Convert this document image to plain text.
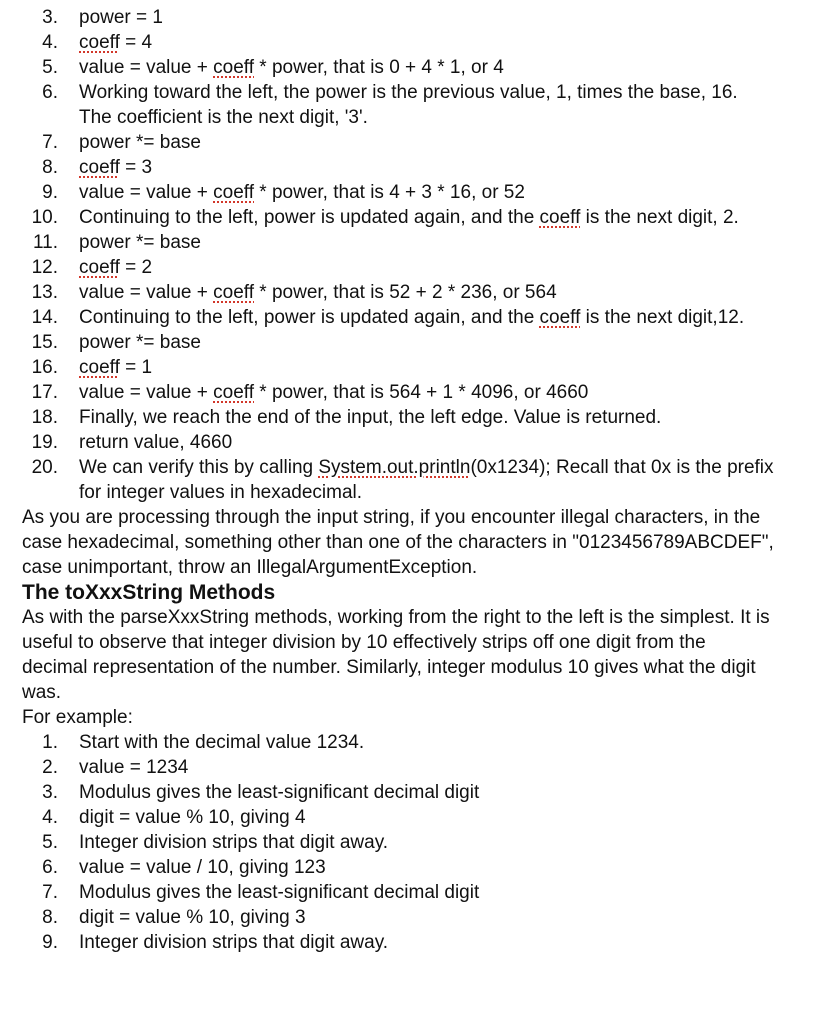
3. power = 1
4. coeff = 4
5. value = value + coeff * power, that is 0 + 4 * 1, or 4
6. Working toward the left, the power is the previous value, 1, times the base, 16. The coefficient is the next digit, '3'.
7. power *= base
8. coeff = 3
9. value = value + coeff * power, that is 4 + 3 * 16, or 52
10. Continuing to the left, power is updated again, and the coeff is the next digit, 2.
11. power *= base
12. coeff = 2
13. value = value + coeff * power, that is 52 + 2 * 236, or 564
14. Continuing to the left, power is updated again, and the coeff is the next digit,12.
15. power *= base
16. coeff = 1
17. value = value + coeff * power, that is 564 + 1 * 4096, or 4660
18. Finally, we reach the end of the input, the left edge. Value is returned.
19. return value, 4660
20. We can verify this by calling System.out.println(0x1234); Recall that 0x is the prefix for integer values in hexadecimal.
As you are processing through the input string, if you encounter illegal characters, in the case hexadecimal, something other than one of the characters in "0123456789ABCDEF", case unimportant, throw an IllegalArgumentException.
The toXxxString Methods
As with the parseXxxString methods, working from the right to the left is the simplest. It is useful to observe that integer division by 10 effectively strips off one digit from the decimal representation of the number. Similarly, integer modulus 10 gives what the digit was.
For example:
1. Start with the decimal value 1234.
2. value = 1234
3. Modulus gives the least-significant decimal digit
4. digit = value % 10, giving 4
5. Integer division strips that digit away.
6. value = value / 10, giving 123
7. Modulus gives the least-significant decimal digit
8. digit = value % 10, giving 3
9. Integer division strips that digit away.
